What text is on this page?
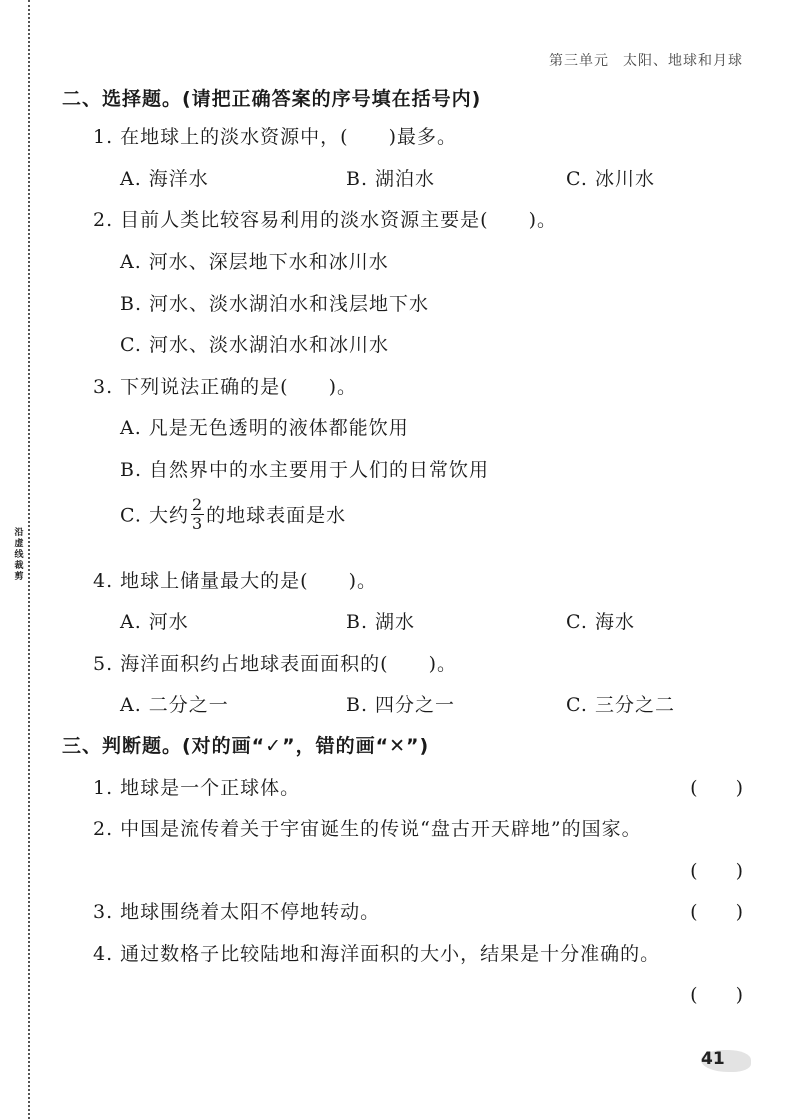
沿虚线裁剪
第三单元 太阳、地球和月球
二、选择题。(请把正确答案的序号填在括号内)
1. 在地球上的淡水资源中，(　　)最多。
A. 海洋水	B. 湖泊水	C. 冰川水
2. 目前人类比较容易利用的淡水资源主要是(　　)。
A. 河水、深层地下水和冰川水
B. 河水、淡水湖泊水和浅层地下水
C. 河水、淡水湖泊水和冰川水
3. 下列说法正确的是(　　)。
A. 凡是无色透明的液体都能饮用
B. 自然界中的水主要用于人们的日常饮用
C. 大约 $\frac{2}{3}$ 的地球表面是水
4. 地球上储量最大的是(　　)。
A. 河水	B. 湖水	C. 海水
5. 海洋面积约占地球表面面积的(　　)。
A. 二分之一	B. 四分之一	C. 三分之二
三、判断题。(对的画“✓”，错的画“✕”)
1. 地球是一个正球体。	(　　)
2. 中国是流传着关于宇宙诞生的传说“盘古开天辟地”的国家。
(　　)
3. 地球围绕着太阳不停地转动。	(　　)
4. 通过数格子比较陆地和海洋面积的大小，结果是十分准确的。
(　　)
41
